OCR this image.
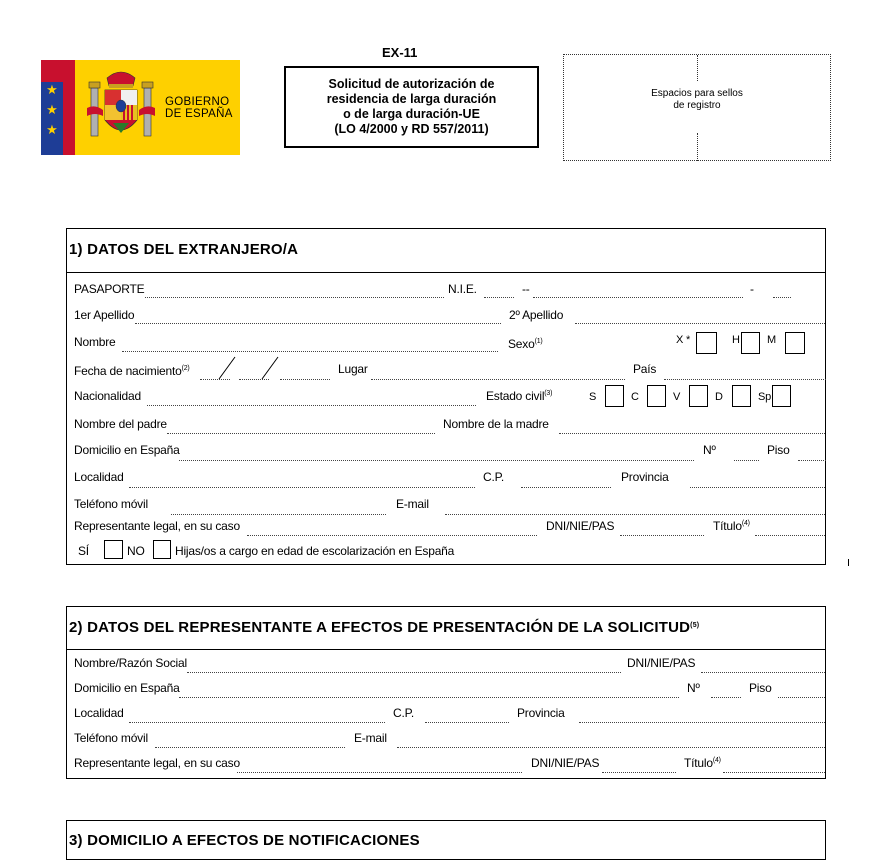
★
★
★
GOBIERNO
DE ESPAÑA
EX-11
Solicitud de autorización de
residencia de larga duración
o de larga duración-UE
(LO 4/2000 y RD 557/2011)
Espacios para sellos
de registro
1) DATOS DEL EXTRANJERO/A
PASAPORTE	N.I.E.	--	-
1er Apellido	2º Apellido
Nombre	Sexo$^{(1)}$	X *	H M
Fecha de nacimiento$^{(2)}$	Lugar	País
Nacionalidad	Estado civil$^{(3)}$	S	C	V	D	Sp
Nombre del padre	Nombre de la madre
Domicilio en España	Nº	Piso
Localidad	C.P.	Provincia
Teléfono móvil	E-mail
Representante legal, en su caso	DNI/NIE/PAS	Título$^{(4)}$
SÍ	NO	Hijas/os a cargo en edad de escolarización en España
2) DATOS DEL REPRESENTANTE A EFECTOS DE PRESENTACIÓN DE LA SOLICITUD$^{(5)}$
Nombre/Razón Social	DNI/NIE/PAS
Domicilio en España	Nº	Piso
Localidad	C.P.	Provincia
Teléfono móvil	E-mail
Representante legal, en su caso	DNI/NIE/PAS	Título$^{(4)}$
3) DOMICILIO A EFECTOS DE NOTIFICACIONES
